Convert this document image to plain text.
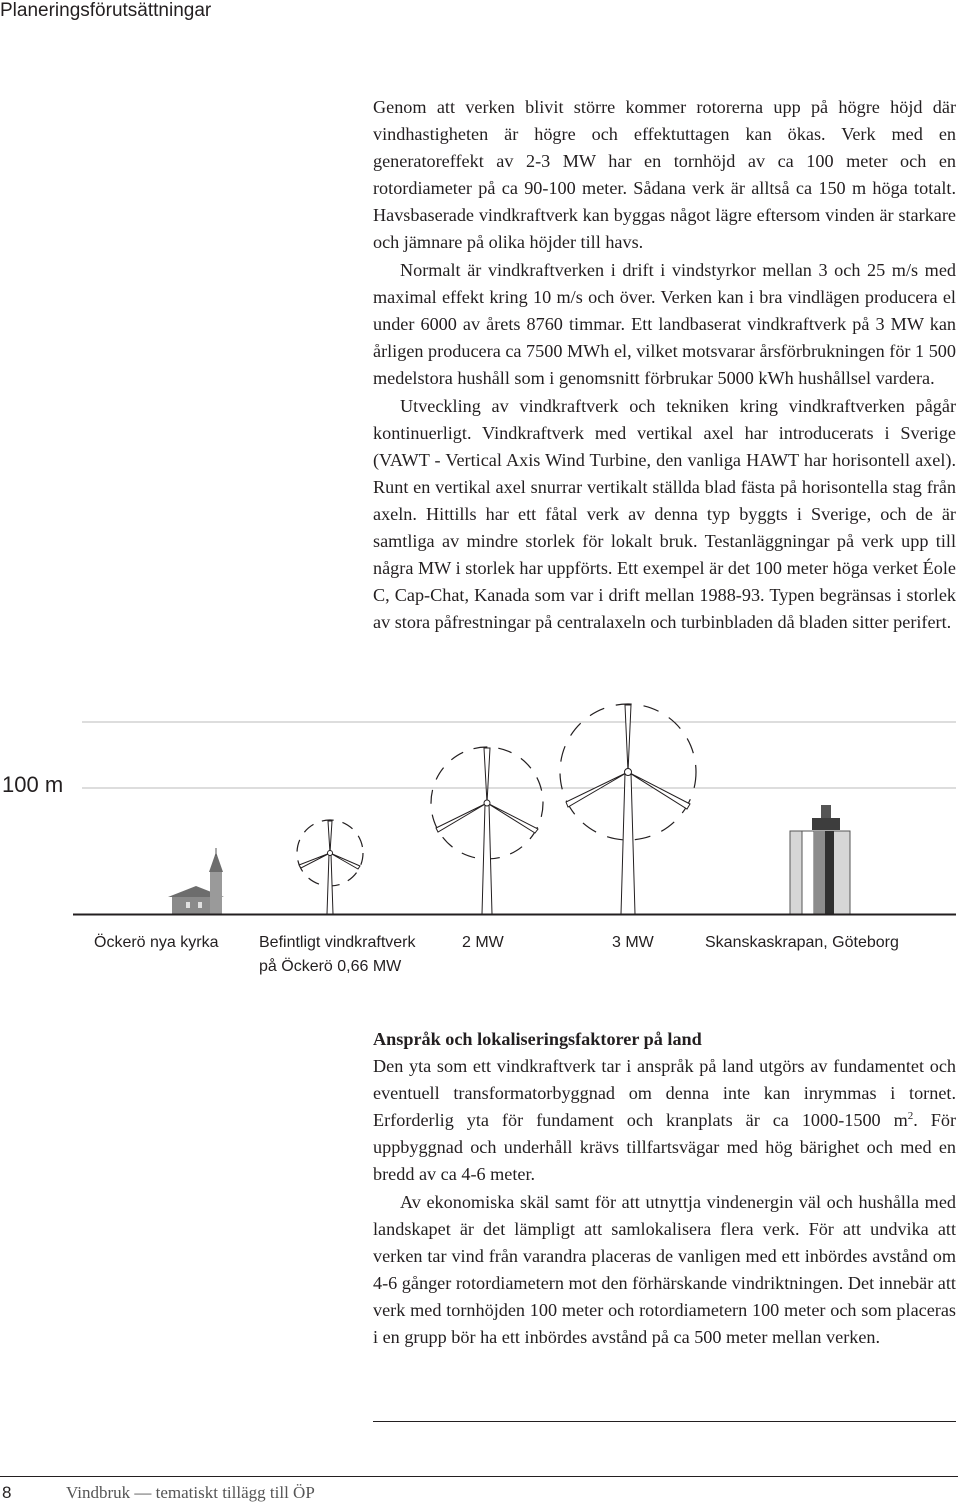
Planeringsförutsättningar

Genom att verken blivit större kommer rotorerna upp på högre höjd där vindhastigheten är högre och effektuttagen kan ökas. Verk med en generatoreffekt av 2-3 MW har en tornhöjd av ca 100 meter och en rotordiameter på ca 90-100 meter. Sådana verk är alltså ca 150 m höga totalt. Havsbaserade vindkraftverk kan byggas något lägre eftersom vinden är starkare och jämnare på olika höjder till havs.

Normalt är vindkraftverken i drift i vindstyrkor mellan 3 och 25 m/s med maximal effekt kring 10 m/s och över. Verken kan i bra vindlägen producera el under 6000 av årets 8760 timmar. Ett landbaserat vindkraftverk på 3 MW kan årligen producera ca 7500 MWh el, vilket motsvarar årsförbrukningen för 1 500 medelstora hushåll som i genomsnitt förbrukar 5000 kWh hushållsel vardera.

Utveckling av vindkraftverk och tekniken kring vindkraftverken pågår kontinuerligt. Vindkraftverk med vertikal axel har introducerats i Sverige (VAWT - Vertical Axis Wind Turbine, den vanliga HAWT har horisontell axel). Runt en vertikal axel snurrar vertikalt ställda blad fästa på horisontella stag från axeln. Hittills har ett fåtal verk av denna typ byggts i Sverige, och de är samtliga av mindre storlek för lokalt bruk. Testanläggningar på verk upp till några MW i storlek har uppförts. Ett exempel är det 100 meter höga verket Éole C, Cap-Chat, Kanada som var i drift mellan 1988-93. Typen begränsas i storlek av stora påfrestningar på centralaxeln och turbinbladen då bladen sitter perifert.

100 m
Öckerö nya kyrka	Befintligt vindkraftverk
på Öckerö 0,66 MW
2 MW	3 MW	Skanskaskrapan, Göteborg
Anspråk och lokaliseringsfaktorer på land

Den yta som ett vindkraftverk tar i anspråk på land utgörs av fundamentet och eventuell transformatorbyggnad om denna inte kan inrymmas i tornet. Erforderlig yta för fundament och kranplats är ca 1000-1500 $m^2$. För uppbyggnad och underhåll krävs tillfartsvägar med hög bärighet och med en bredd av ca 4-6 meter.

Av ekonomiska skäl samt för att utnyttja vindenergin väl och hushålla med landskapet är det lämpligt att samlokalisera flera verk. För att undvika att verken tar vind från varandra placeras de vanligen med ett inbördes avstånd om 4-6 gånger rotordiametern mot den förhärskande vindriktningen. Det innebär att verk med tornhöjden 100 meter och rotordiametern 100 meter och som placeras i en grupp bör ha ett inbördes avstånd på ca 500 meter mellan verken.

8	Vindbruk — tematiskt tillägg till ÖP
